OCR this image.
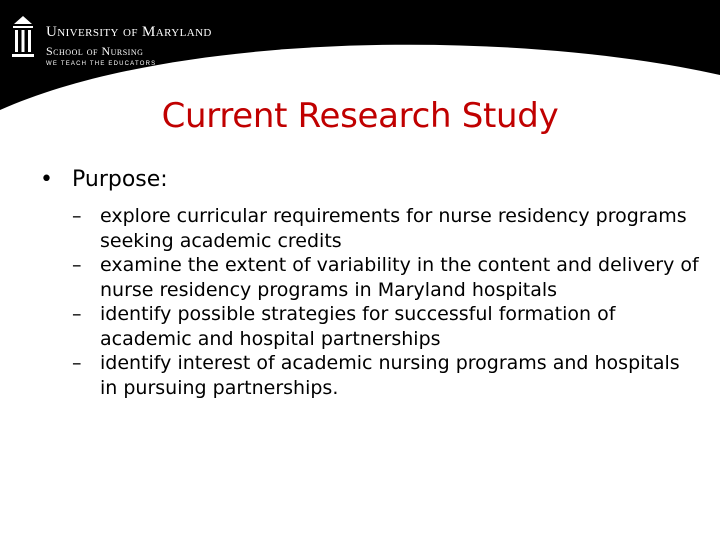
University of Maryland
School of Nursing
WE TEACH THE EDUCATORS
Current Research Study
• Purpose:
– explore curricular requirements for nurse residency programs seeking academic credits
– examine the extent of variability in the content and delivery of nurse residency programs in Maryland hospitals
– identify possible strategies for successful formation of academic and hospital partnerships
– identify interest of academic nursing programs and hospitals in pursuing partnerships.
